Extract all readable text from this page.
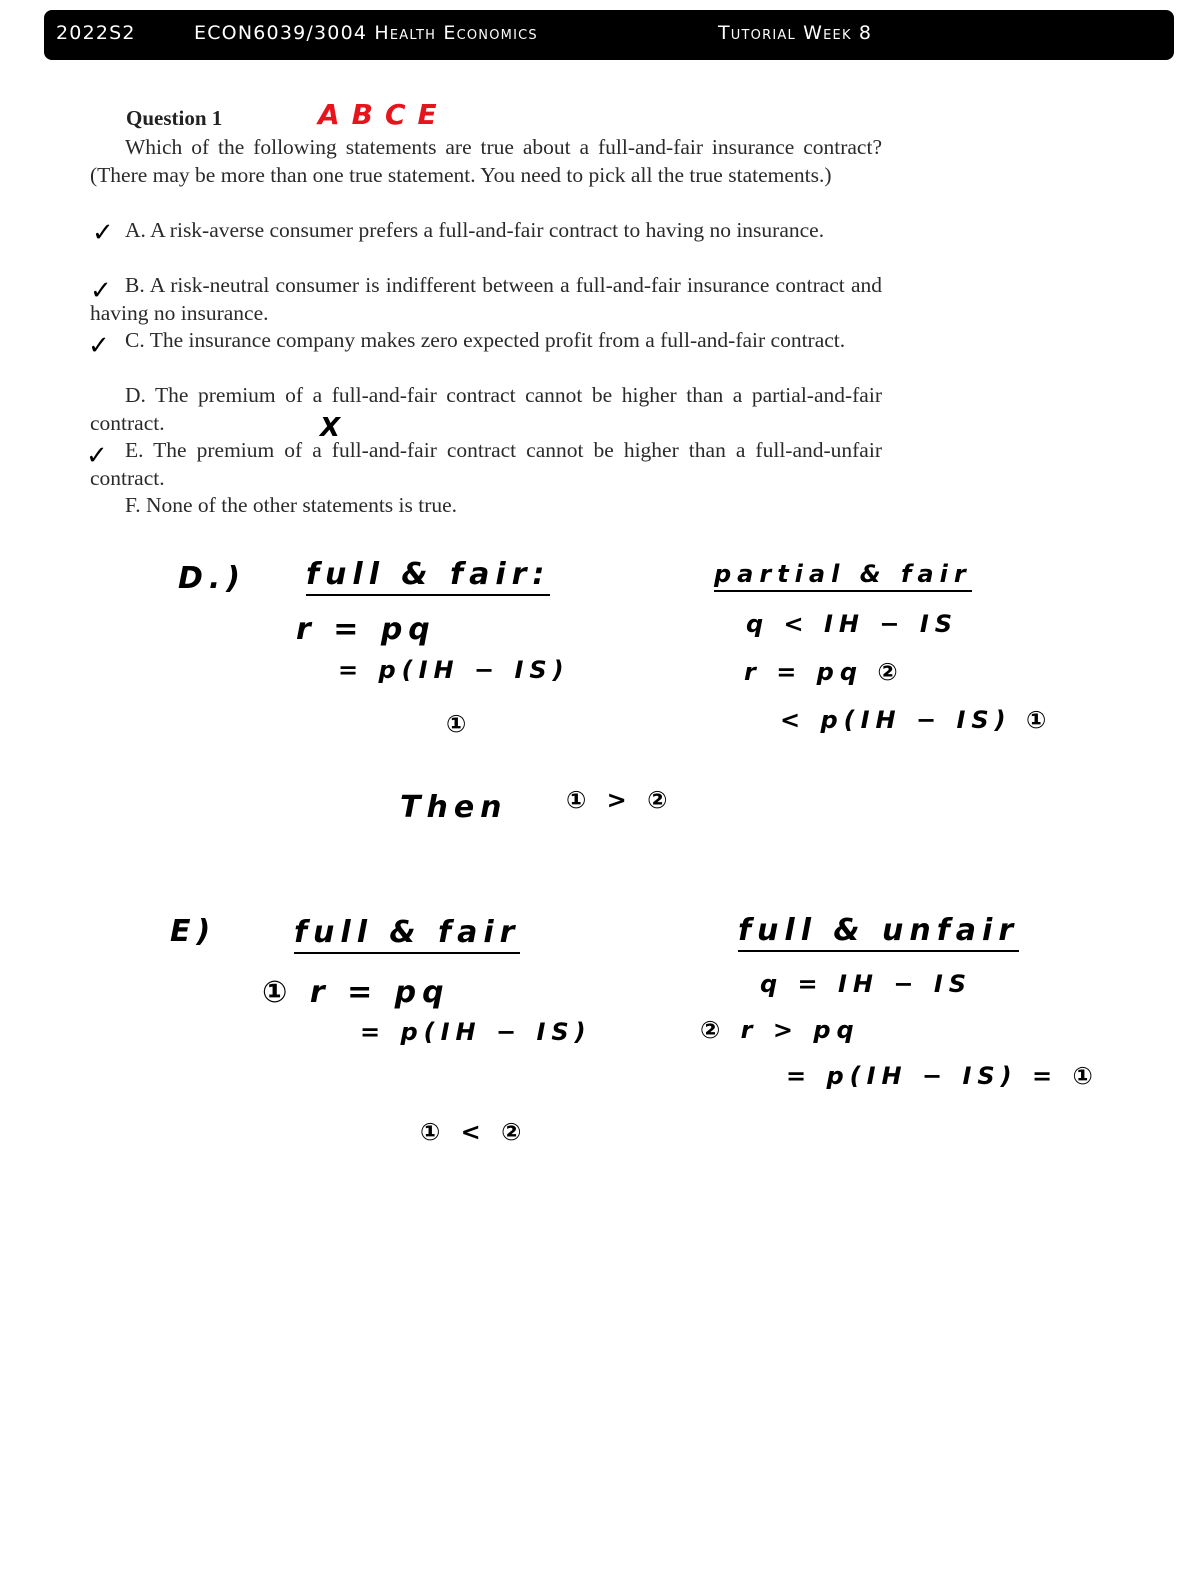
2022S2	ECON6039/3004 Health Economics	Tutorial Week 8
Question 1	ABCE

Which of the following statements are true about a full-and-fair insurance contract? (There may be more than one true statement. You need to pick all the true statements.)

A. A risk-averse consumer prefers a full-and-fair contract to having no insurance.

B. A risk-neutral consumer is indifferent between a full-and-fair insurance contract and having no insurance.

C. The insurance company makes zero expected profit from a full-and-fair contract.

D. The premium of a full-and-fair contract cannot be higher than a partial-and-fair contract.

E. The premium of a full-and-fair contract cannot be higher than a full-and-unfair contract.

F. None of the other statements is true.

✓
✓
✓
X
✓
D.) full & fair:
r = pq
= p(IH − IS)
①
partial & fair
q < IH − IS
r = pq ②
< p(IH − IS) ①
Then ① > ②
E)	full & fair
① r = pq
= p(IH − IS)
① < ②
full & unfair
q = IH − IS
② r > pq
= p(IH − IS) = ①
